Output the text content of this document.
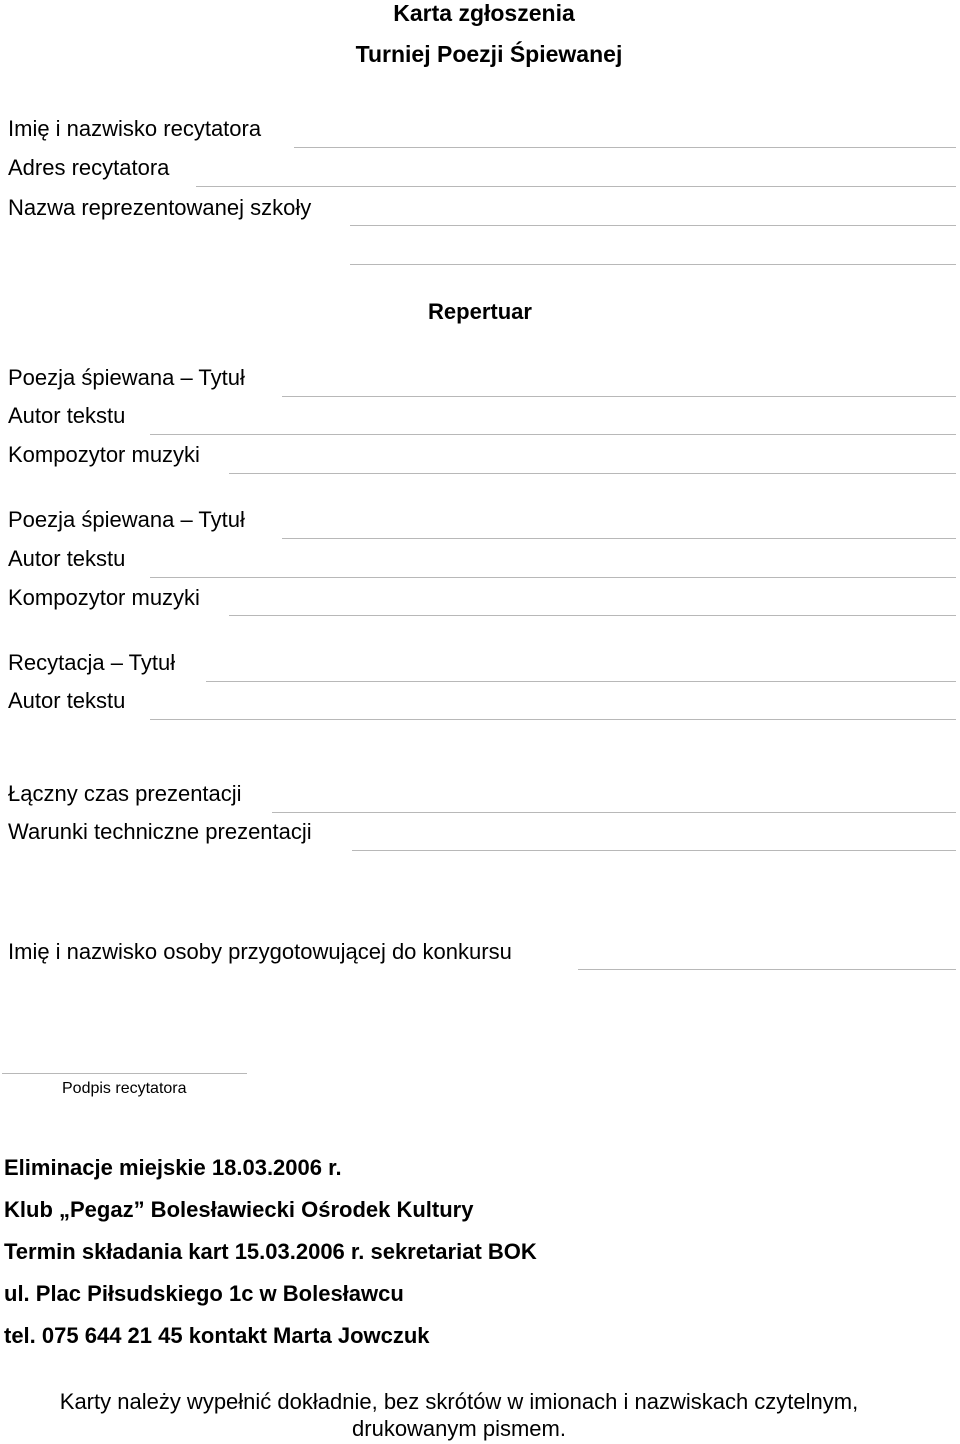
Karta zgłoszenia
Turniej Poezji Śpiewanej
Imię i nazwisko recytatora
Adres recytatora
Nazwa reprezentowanej szkoły
Repertuar
Poezja śpiewana – Tytuł
Autor tekstu
Kompozytor muzyki
Poezja śpiewana – Tytuł
Autor tekstu
Kompozytor muzyki
Recytacja – Tytuł
Autor tekstu
Łączny czas prezentacji
Warunki techniczne prezentacji
Imię i nazwisko osoby przygotowującej do konkursu
Podpis recytatora
Eliminacje miejskie 18.03.2006 r.
Klub „Pegaz” Bolesławiecki Ośrodek Kultury
Termin składania kart 15.03.2006 r. sekretariat BOK
ul. Plac Piłsudskiego 1c w Bolesławcu
tel. 075 644 21 45 kontakt Marta Jowczuk
Karty należy wypełnić dokładnie, bez skrótów w imionach i nazwiskach czytelnym,
drukowanym pismem.
